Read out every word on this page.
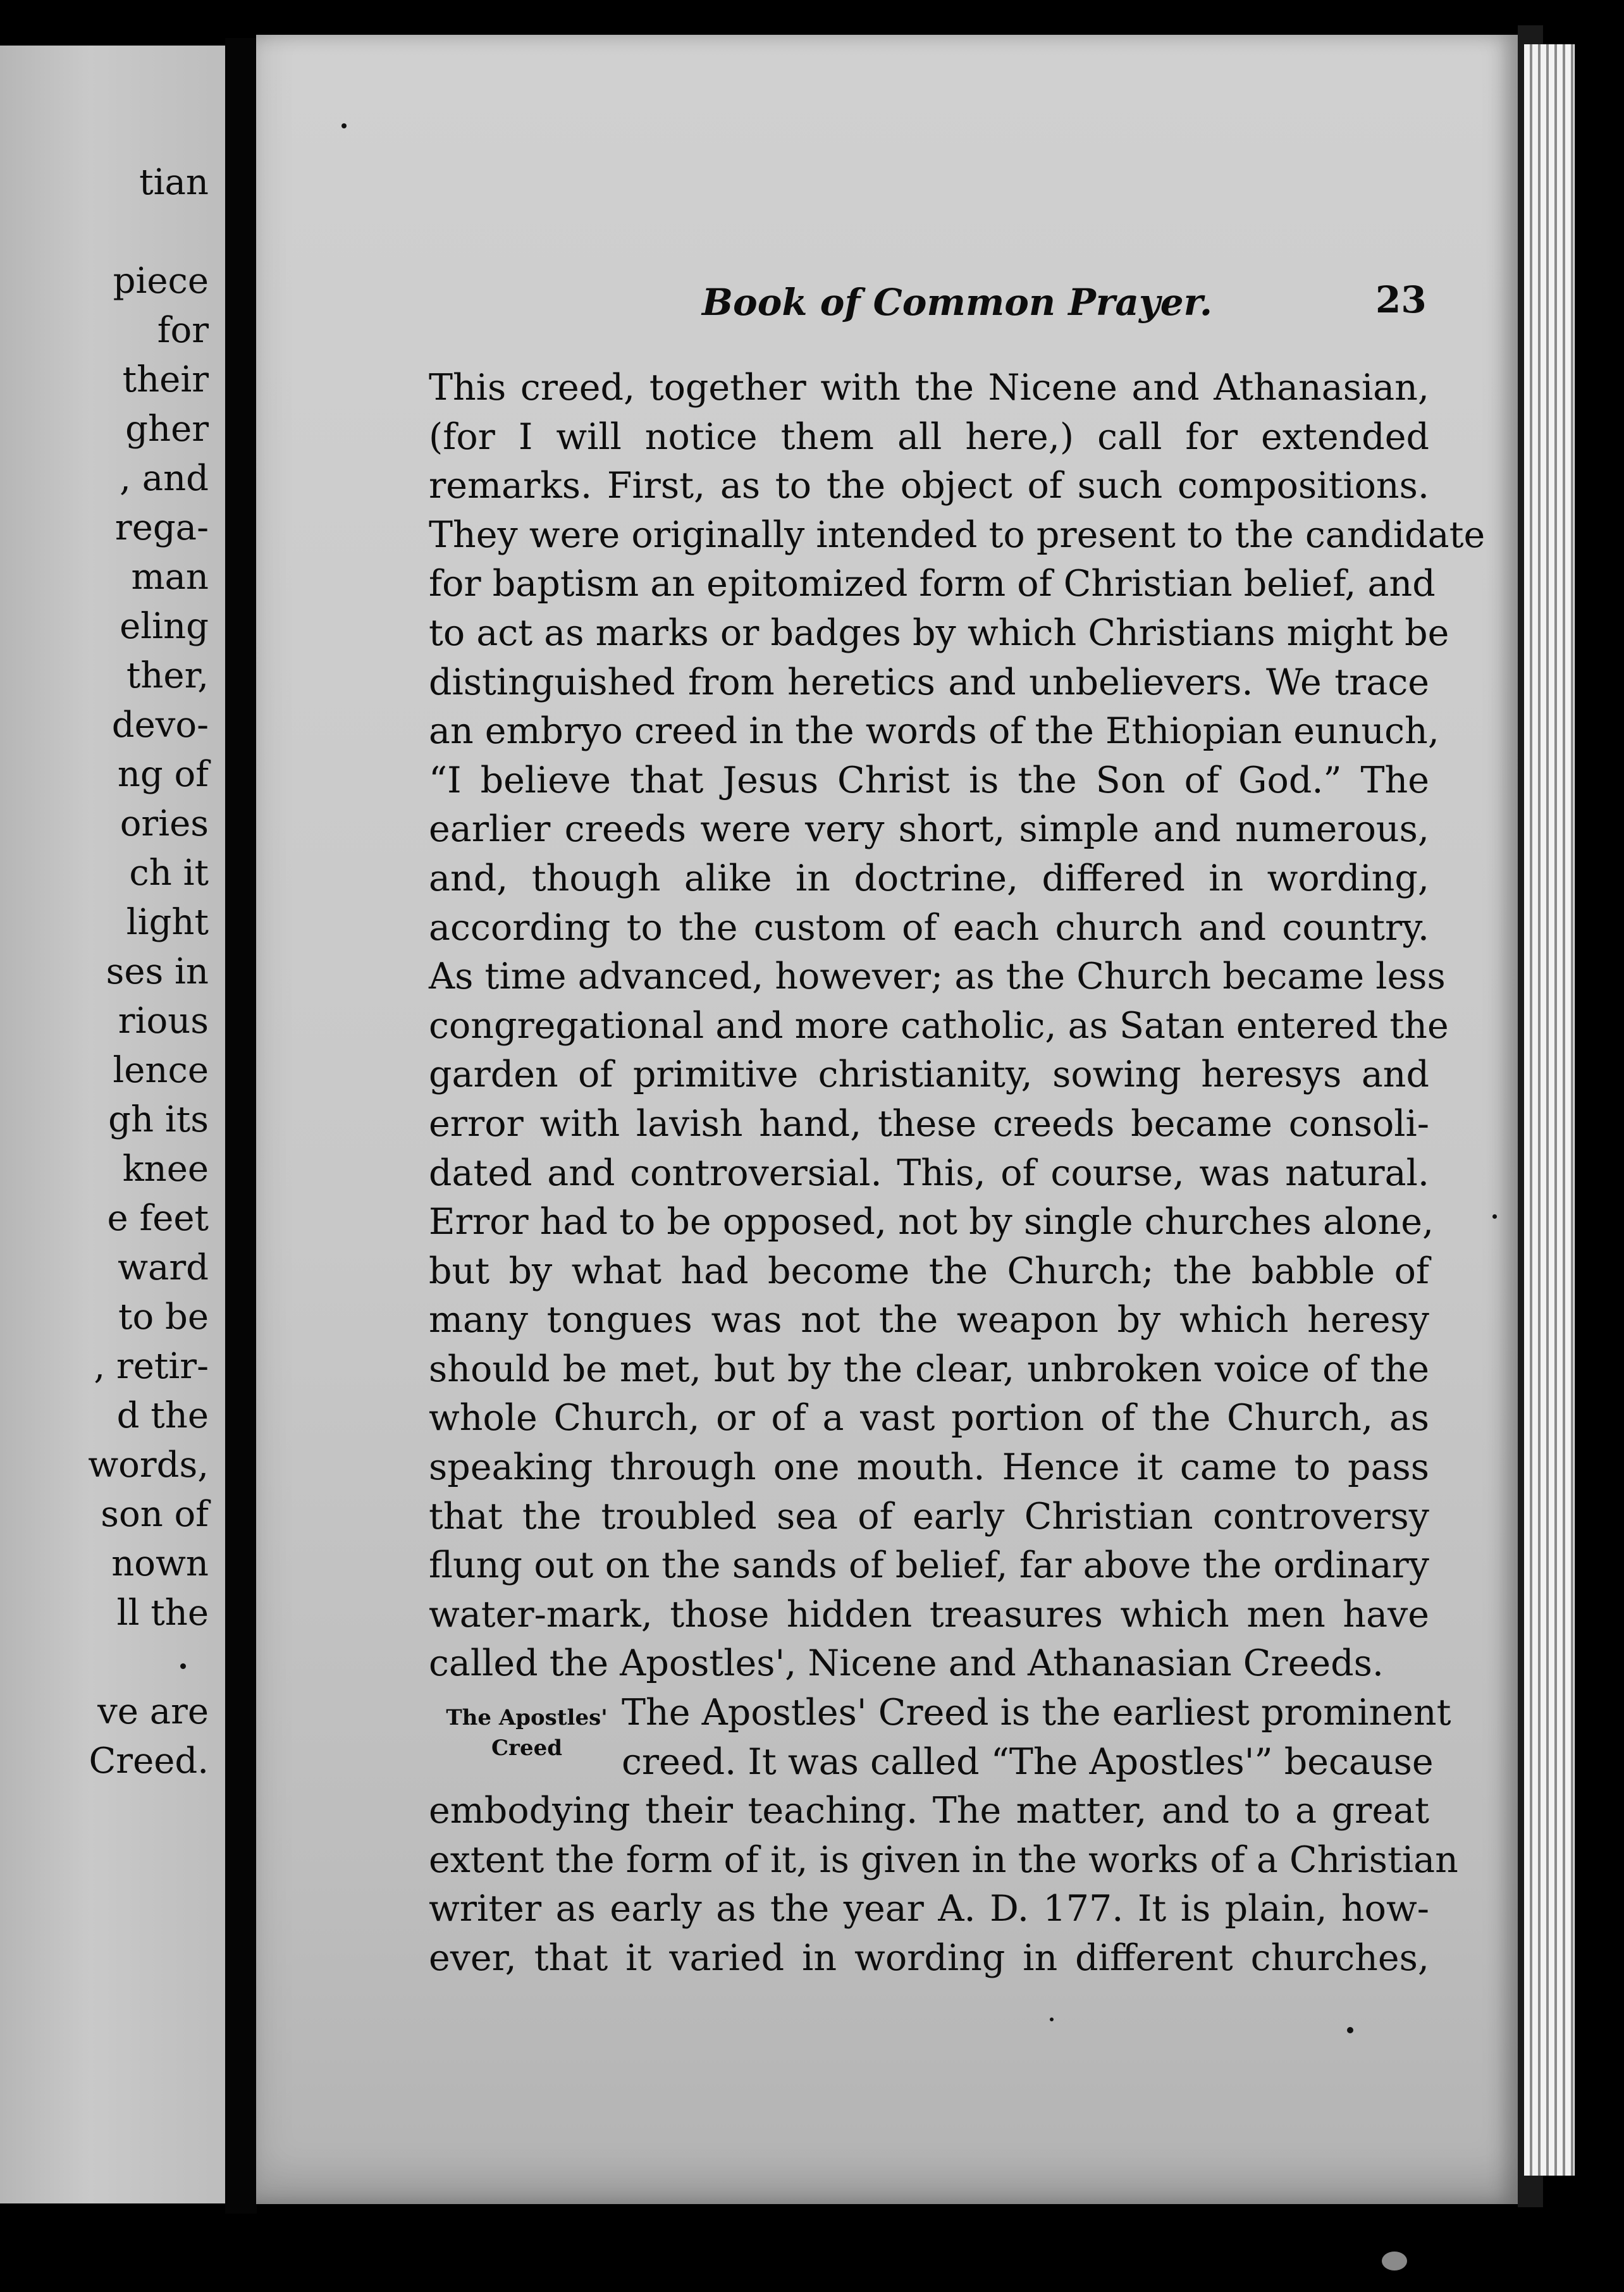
tian
piece
for
their
gher
, and
rega-
man
eling
ther,
devo-
ng of
ories
ch it
light
ses in
rious
lence
gh its
knee
e feet
ward
to be
, retir-
d the
words,
son of
nown
ll the
ve are
Creed.
Book of Common Prayer.	23
The Apostles'
Creed
This creed, together with the Nicene and Athanasian,
(for I will notice them all here,) call for extended
remarks. First, as to the object of such compositions.
They were originally intended to present to the candidate
for baptism an epitomized form of Christian belief, and
to act as marks or badges by which Christians might be
distinguished from heretics and unbelievers. We trace
an embryo creed in the words of the Ethiopian eunuch,
“I believe that Jesus Christ is the Son of God.” The
earlier creeds were very short, simple and numerous,
and, though alike in doctrine, differed in wording,
according to the custom of each church and country.
As time advanced, however; as the Church became less
congregational and more catholic, as Satan entered the
garden of primitive christianity, sowing heresys and
error with lavish hand, these creeds became consoli-
dated and controversial. This, of course, was natural.
Error had to be opposed, not by single churches alone,
but by what had become the Church; the babble of
many tongues was not the weapon by which heresy
should be met, but by the clear, unbroken voice of the
whole Church, or of a vast portion of the Church, as
speaking through one mouth. Hence it came to pass
that the troubled sea of early Christian controversy
flung out on the sands of belief, far above the ordinary
water-mark, those hidden treasures which men have
called the Apostles', Nicene and Athanasian Creeds.
The Apostles' Creed is the earliest prominent
creed. It was called “The Apostles'” because
embodying their teaching. The matter, and to a great
extent the form of it, is given in the works of a Christian
writer as early as the year A. D. 177. It is plain, how-
ever, that it varied in wording in different churches,
